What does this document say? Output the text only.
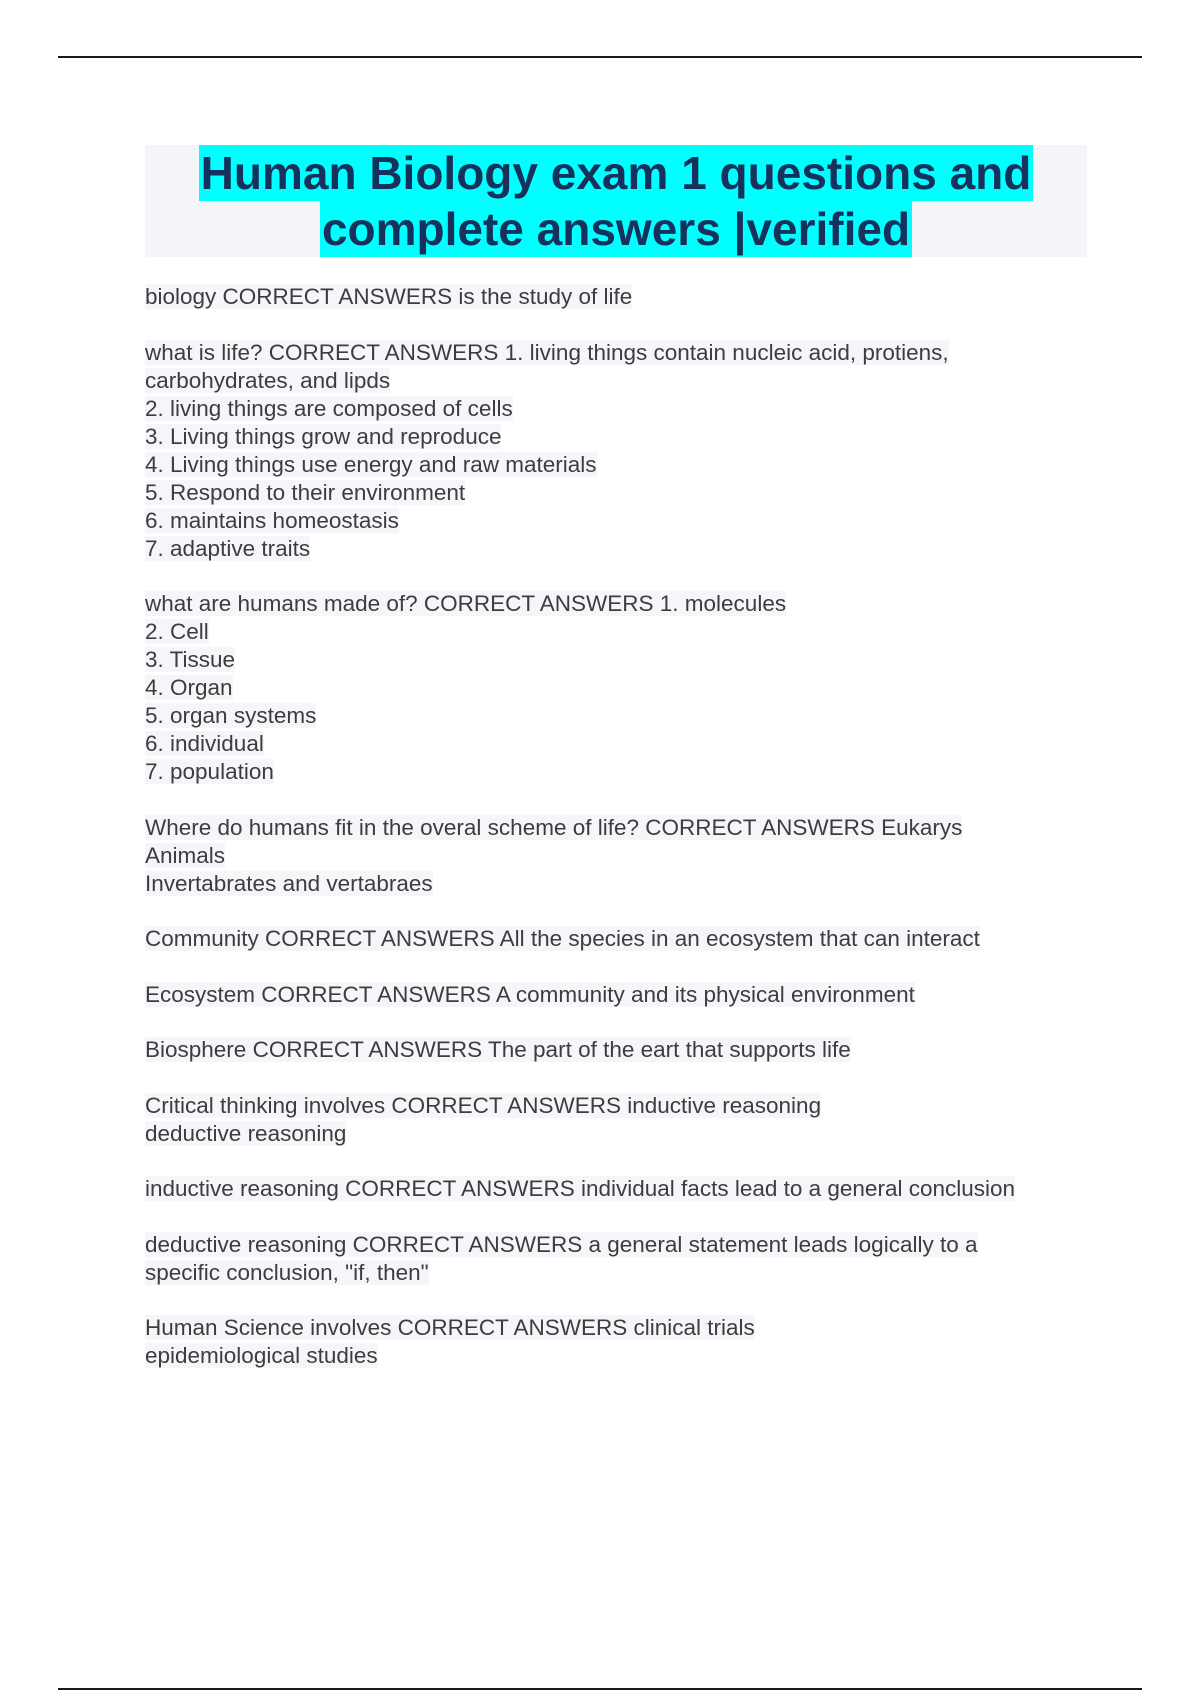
Human Biology exam 1 questions and
complete answers |verified
biology CORRECT ANSWERS is the study of life
what is life? CORRECT ANSWERS 1. living things contain nucleic acid, protiens,
carbohydrates, and lipds
2. living things are composed of cells
3. Living things grow and reproduce
4. Living things use energy and raw materials
5. Respond to their environment
6. maintains homeostasis
7. adaptive traits
what are humans made of? CORRECT ANSWERS 1. molecules
2. Cell
3. Tissue
4. Organ
5. organ systems
6. individual
7. population
Where do humans fit in the overal scheme of life? CORRECT ANSWERS Eukarys
Animals
Invertabrates and vertabraes
Community CORRECT ANSWERS All the species in an ecosystem that can interact
Ecosystem CORRECT ANSWERS A community and its physical environment
Biosphere CORRECT ANSWERS The part of the eart that supports life
Critical thinking involves CORRECT ANSWERS inductive reasoning
deductive reasoning
inductive reasoning CORRECT ANSWERS individual facts lead to a general conclusion
deductive reasoning CORRECT ANSWERS a general statement leads logically to a
specific conclusion, "if, then"
Human Science involves CORRECT ANSWERS clinical trials
epidemiological studies
